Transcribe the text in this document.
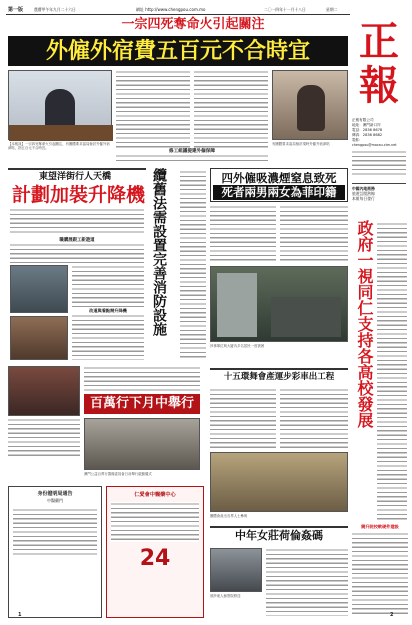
第一版	農曆甲午年九月二十六日	網址 http://www.chengpou.com.mo	二〇一四年十一月十八日	星期二
正
報
正報有限公司
地址：澳門新口岸
電話：2836 8678
傳真：2836 8682
電郵：chengpou@macau.ctm.net
中國內地商務
旅遊訂閱熱線
本報每日發行
政府一視同仁支持各高校發展
鏡升院校軟硬件建設
一宗四死奪命火引起關注
外僱外宿費五百元不合時宜
【本報訊】一宗四死奪命火引起關注，有團體要求當局檢討外僱外宿津貼，指五百元不合時宜。
有團體要求當局檢討現時外僱外宿津貼
修工組議提建外僱保障
東望洋街行人天橋
計劃加裝升降機
職購展跟工新遊道
改道與看點開升降機	纜舊法需設置完善消防設施	四外僱吸濃煙窒息致死
死者兩男兩女為菲印籍
涉事單位與大廈內多名居民一度被困
百萬行下月中舉行
澳門公益百萬行籌備委員會日前舉行啟動儀式
十五環舞會產運步彩車出工程
團體會產出各界人士參與
身份證明局通告
中醫藥門
仁愛會中醫藥中心
24
中年女莊荷倫姦碼
被涉案人檢察院移送
1	2
